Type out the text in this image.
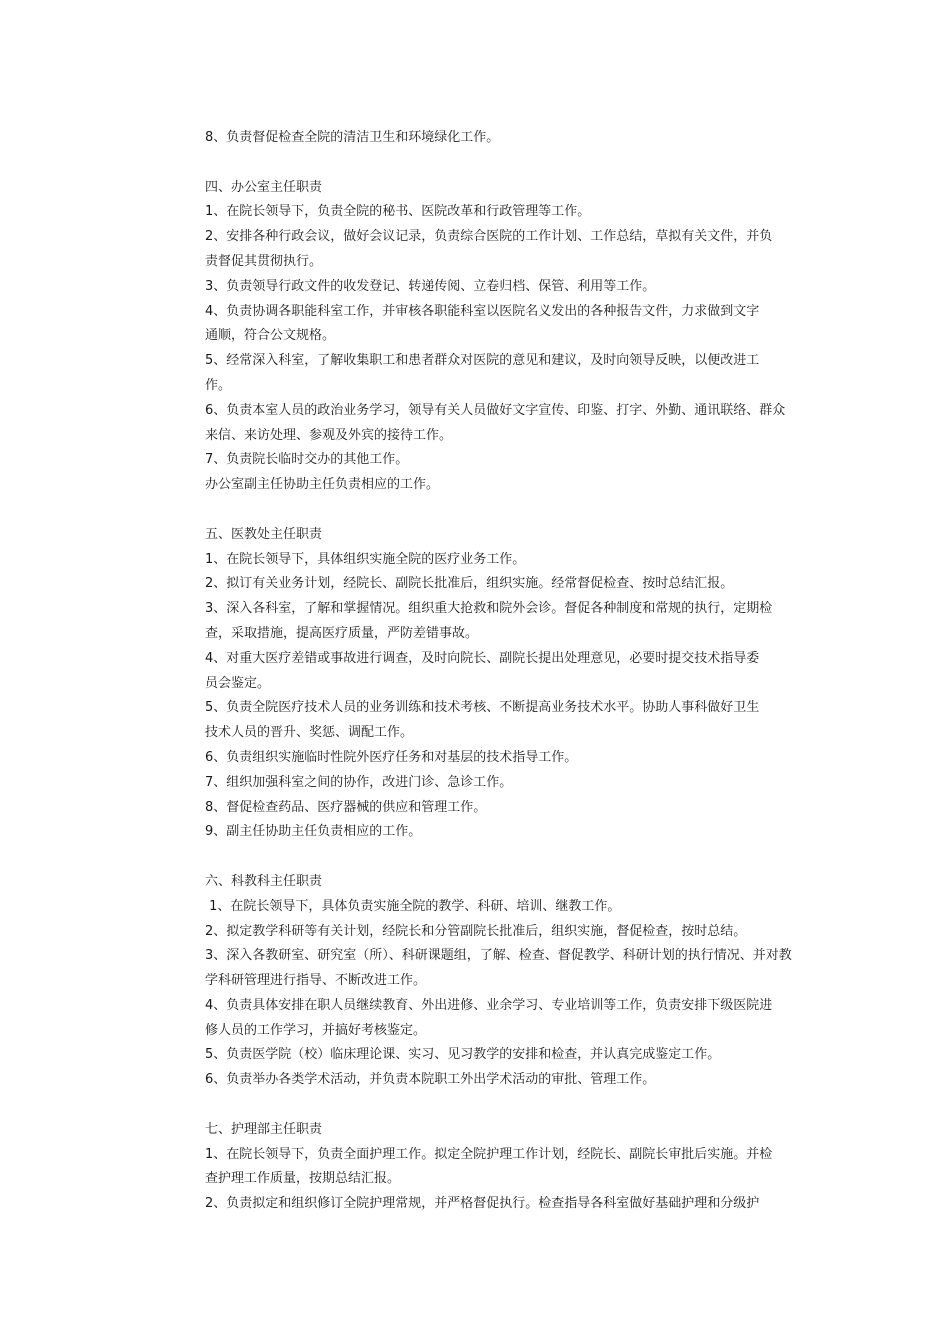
8、负责督促检查全院的清洁卫生和环境绿化工作。
四、办公室主任职责
1、在院长领导下，负责全院的秘书、医院改革和行政管理等工作。
2、安排各种行政会议，做好会议记录，负责综合医院的工作计划、工作总结，草拟有关文件，并负
责督促其贯彻执行。
3、负责领导行政文件的收发登记、转递传阅、立卷归档、保管、利用等工作。
4、负责协调各职能科室工作，并审核各职能科室以医院名义发出的各种报告文件，力求做到文字
通顺，符合公文规格。
5、经常深入科室，了解收集职工和患者群众对医院的意见和建议，及时向领导反映，以便改进工
作。
6、负责本室人员的政治业务学习，领导有关人员做好文字宣传、印鉴、打字、外勤、通讯联络、群众
来信、来访处理、参观及外宾的接待工作。
7、负责院长临时交办的其他工作。
办公室副主任协助主任负责相应的工作。
五、医教处主任职责
1、在院长领导下，具体组织实施全院的医疗业务工作。
2、拟订有关业务计划，经院长、副院长批准后，组织实施。经常督促检查、按时总结汇报。
3、深入各科室，了解和掌握情况。组织重大抢救和院外会诊。督促各种制度和常规的执行，定期检
查，采取措施，提高医疗质量，严防差错事故。
4、对重大医疗差错或事故进行调查，及时向院长、副院长提出处理意见，必要时提交技术指导委
员会鉴定。
5、负责全院医疗技术人员的业务训练和技术考核、不断提高业务技术水平。协助人事科做好卫生
技术人员的晋升、奖惩、调配工作。
6、负责组织实施临时性院外医疗任务和对基层的技术指导工作。
7、组织加强科室之间的协作，改进门诊、急诊工作。
8、督促检查药品、医疗器械的供应和管理工作。
9、副主任协助主任负责相应的工作。
六、科教科主任职责
1、在院长领导下，具体负责实施全院的教学、科研、培训、继教工作。
2、拟定教学科研等有关计划，经院长和分管副院长批准后，组织实施，督促检查，按时总结。
3、深入各教研室、研究室（所）、科研课题组，了解、检查、督促教学、科研计划的执行情况、并对教
学科研管理进行指导、不断改进工作。
4、负责具体安排在职人员继续教育、外出进修、业余学习、专业培训等工作，负责安排下级医院进
修人员的工作学习，并搞好考核鉴定。
5、负责医学院（校）临床理论课、实习、见习教学的安排和检查，并认真完成鉴定工作。
6、负责举办各类学术活动，并负责本院职工外出学术活动的审批、管理工作。
七、护理部主任职责
1、在院长领导下，负责全面护理工作。拟定全院护理工作计划，经院长、副院长审批后实施。并检
查护理工作质量，按期总结汇报。
2、负责拟定和组织修订全院护理常规，并严格督促执行。检查指导各科室做好基础护理和分级护
